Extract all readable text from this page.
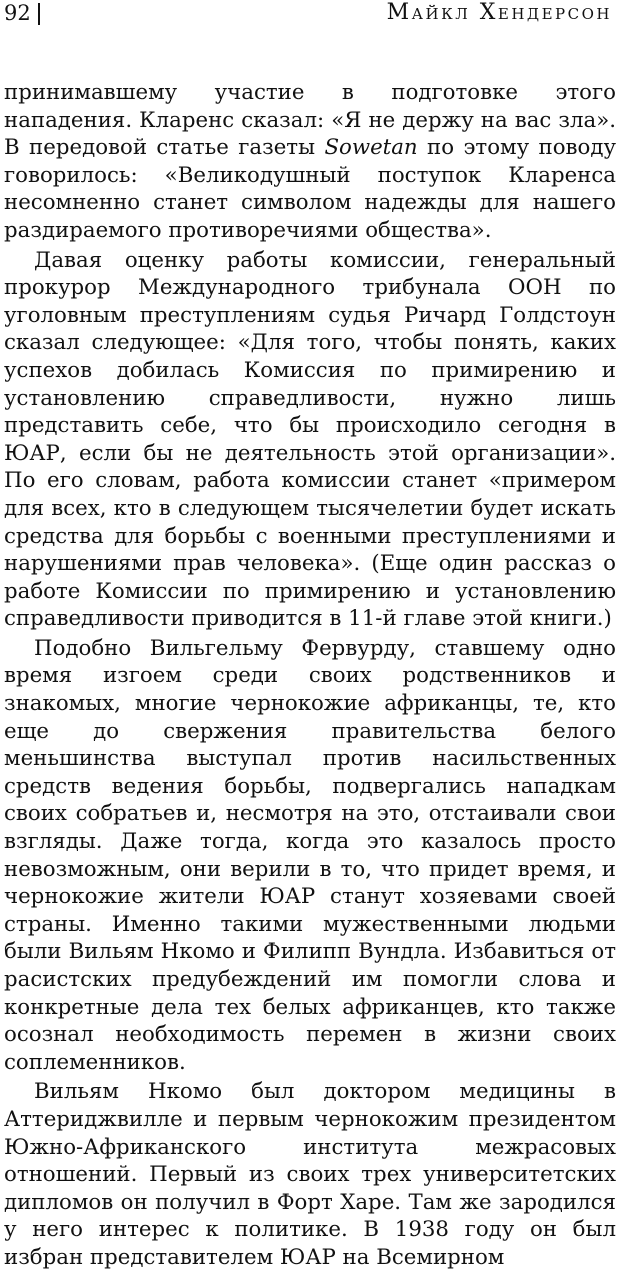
92	Майкл Хендерсон

принимавшему участие в подготовке этого нападения. Кларенс сказал: «Я не держу на вас зла». В передовой статье газеты Sowetan по этому поводу говорилось: «Великодушный поступок Кларенса несомненно станет символом надежды для нашего раздираемого противоречиями общества».

Давая оценку работы комиссии, генеральный прокурор Международного трибунала ООН по уголовным преступлениям судья Ричард Голдстоун сказал следующее: «Для того, чтобы понять, каких успехов добилась Комиссия по примирению и установлению справедливости, нужно лишь представить себе, что бы происходило сегодня в ЮАР, если бы не деятельность этой организации». По его словам, работа комиссии станет «примером для всех, кто в следующем тысячелетии будет искать средства для борьбы с военными преступлениями и нарушениями прав человека». (Еще один рассказ о работе Комиссии по примирению и установлению справедливости приводится в 11-й главе этой книги.)

Подобно Вильгельму Фервурду, ставшему одно время изгоем среди своих родственников и знакомых, многие чернокожие африканцы, те, кто еще до свержения правительства белого меньшинства выступал против насильственных средств ведения борьбы, подвергались нападкам своих собратьев и, несмотря на это, отстаивали свои взгляды. Даже тогда, когда это казалось просто невозможным, они верили в то, что придет время, и чернокожие жители ЮАР станут хозяевами своей страны. Именно такими мужественными людьми были Вильям Нкомо и Филипп Вундла. Избавиться от расистских предубеждений им помогли слова и конкретные дела тех белых африканцев, кто также осознал необходимость перемен в жизни своих соплеменников.

Вильям Нкомо был доктором медицины в Аттериджвилле и первым чернокожим президентом Южно-Африканского института межрасовых отношений. Первый из своих трех университетских дипломов он получил в Форт Харе. Там же зародился у него интерес к политике. В 1938 году он был избран представителем ЮАР на Всемирном
